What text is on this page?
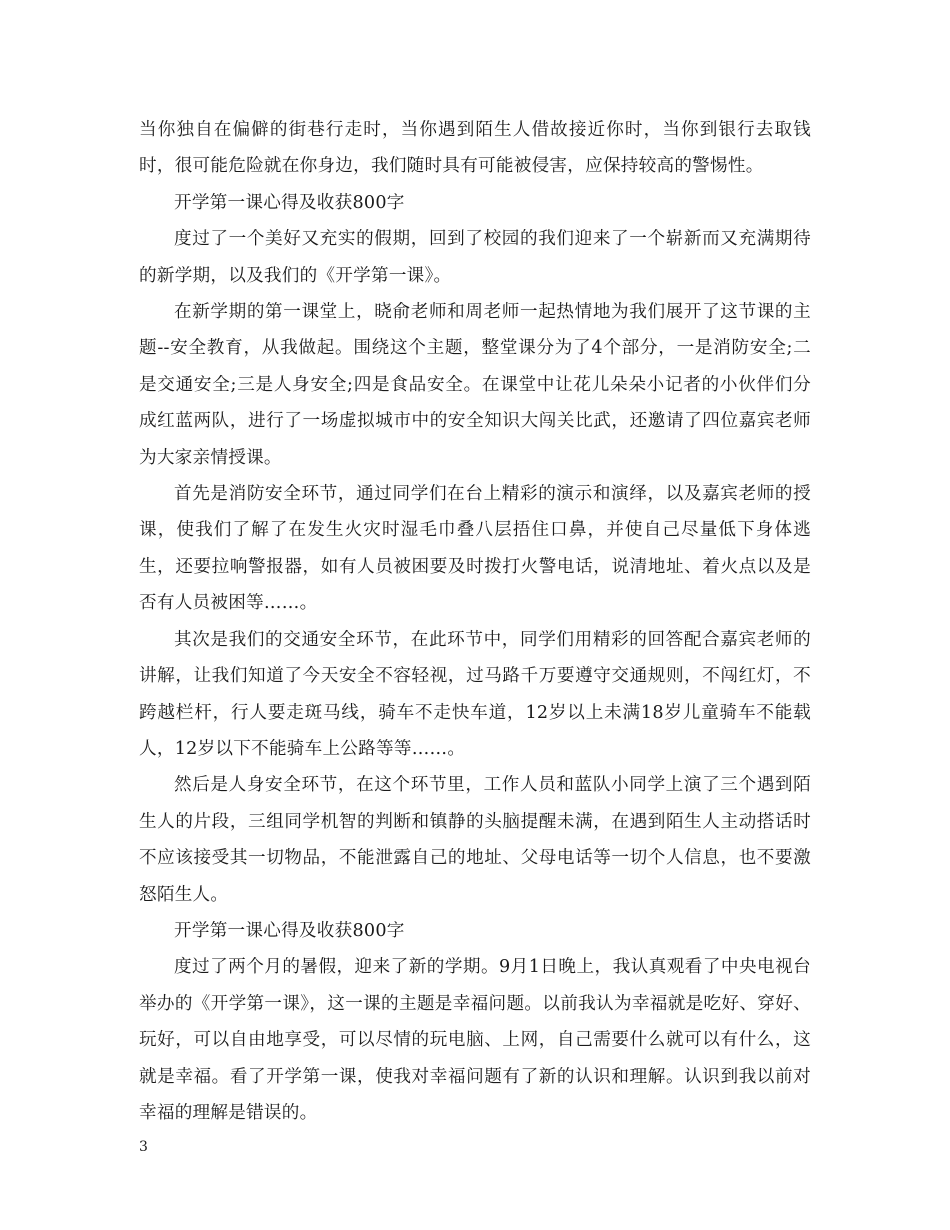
当你独自在偏僻的街巷行走时，当你遇到陌生人借故接近你时，当你到银行去取钱时，很可能危险就在你身边，我们随时具有可能被侵害，应保持较高的警惕性。

开学第一课心得及收获800字

度过了一个美好又充实的假期，回到了校园的我们迎来了一个崭新而又充满期待的新学期，以及我们的《开学第一课》。

在新学期的第一课堂上，晓俞老师和周老师一起热情地为我们展开了这节课的主题--安全教育，从我做起。围绕这个主题，整堂课分为了4个部分，一是消防安全;二是交通安全;三是人身安全;四是食品安全。在课堂中让花儿朵朵小记者的小伙伴们分成红蓝两队，进行了一场虚拟城市中的安全知识大闯关比武，还邀请了四位嘉宾老师为大家亲情授课。

首先是消防安全环节，通过同学们在台上精彩的演示和演绎，以及嘉宾老师的授课，使我们了解了在发生火灾时湿毛巾叠八层捂住口鼻，并使自己尽量低下身体逃生，还要拉响警报器，如有人员被困要及时拨打火警电话，说清地址、着火点以及是否有人员被困等……。

其次是我们的交通安全环节，在此环节中，同学们用精彩的回答配合嘉宾老师的讲解，让我们知道了今天安全不容轻视，过马路千万要遵守交通规则，不闯红灯，不跨越栏杆，行人要走斑马线，骑车不走快车道，12岁以上未满18岁儿童骑车不能载人，12岁以下不能骑车上公路等等……。

然后是人身安全环节，在这个环节里，工作人员和蓝队小同学上演了三个遇到陌生人的片段，三组同学机智的判断和镇静的头脑提醒未满，在遇到陌生人主动搭话时不应该接受其一切物品，不能泄露自己的地址、父母电话等一切个人信息，也不要激怒陌生人。

开学第一课心得及收获800字

度过了两个月的暑假，迎来了新的学期。9月1日晚上，我认真观看了中央电视台举办的《开学第一课》，这一课的主题是幸福问题。以前我认为幸福就是吃好、穿好、玩好，可以自由地享受，可以尽情的玩电脑、上网，自己需要什么就可以有什么，这就是幸福。看了开学第一课，使我对幸福问题有了新的认识和理解。认识到我以前对幸福的理解是错误的。

3
